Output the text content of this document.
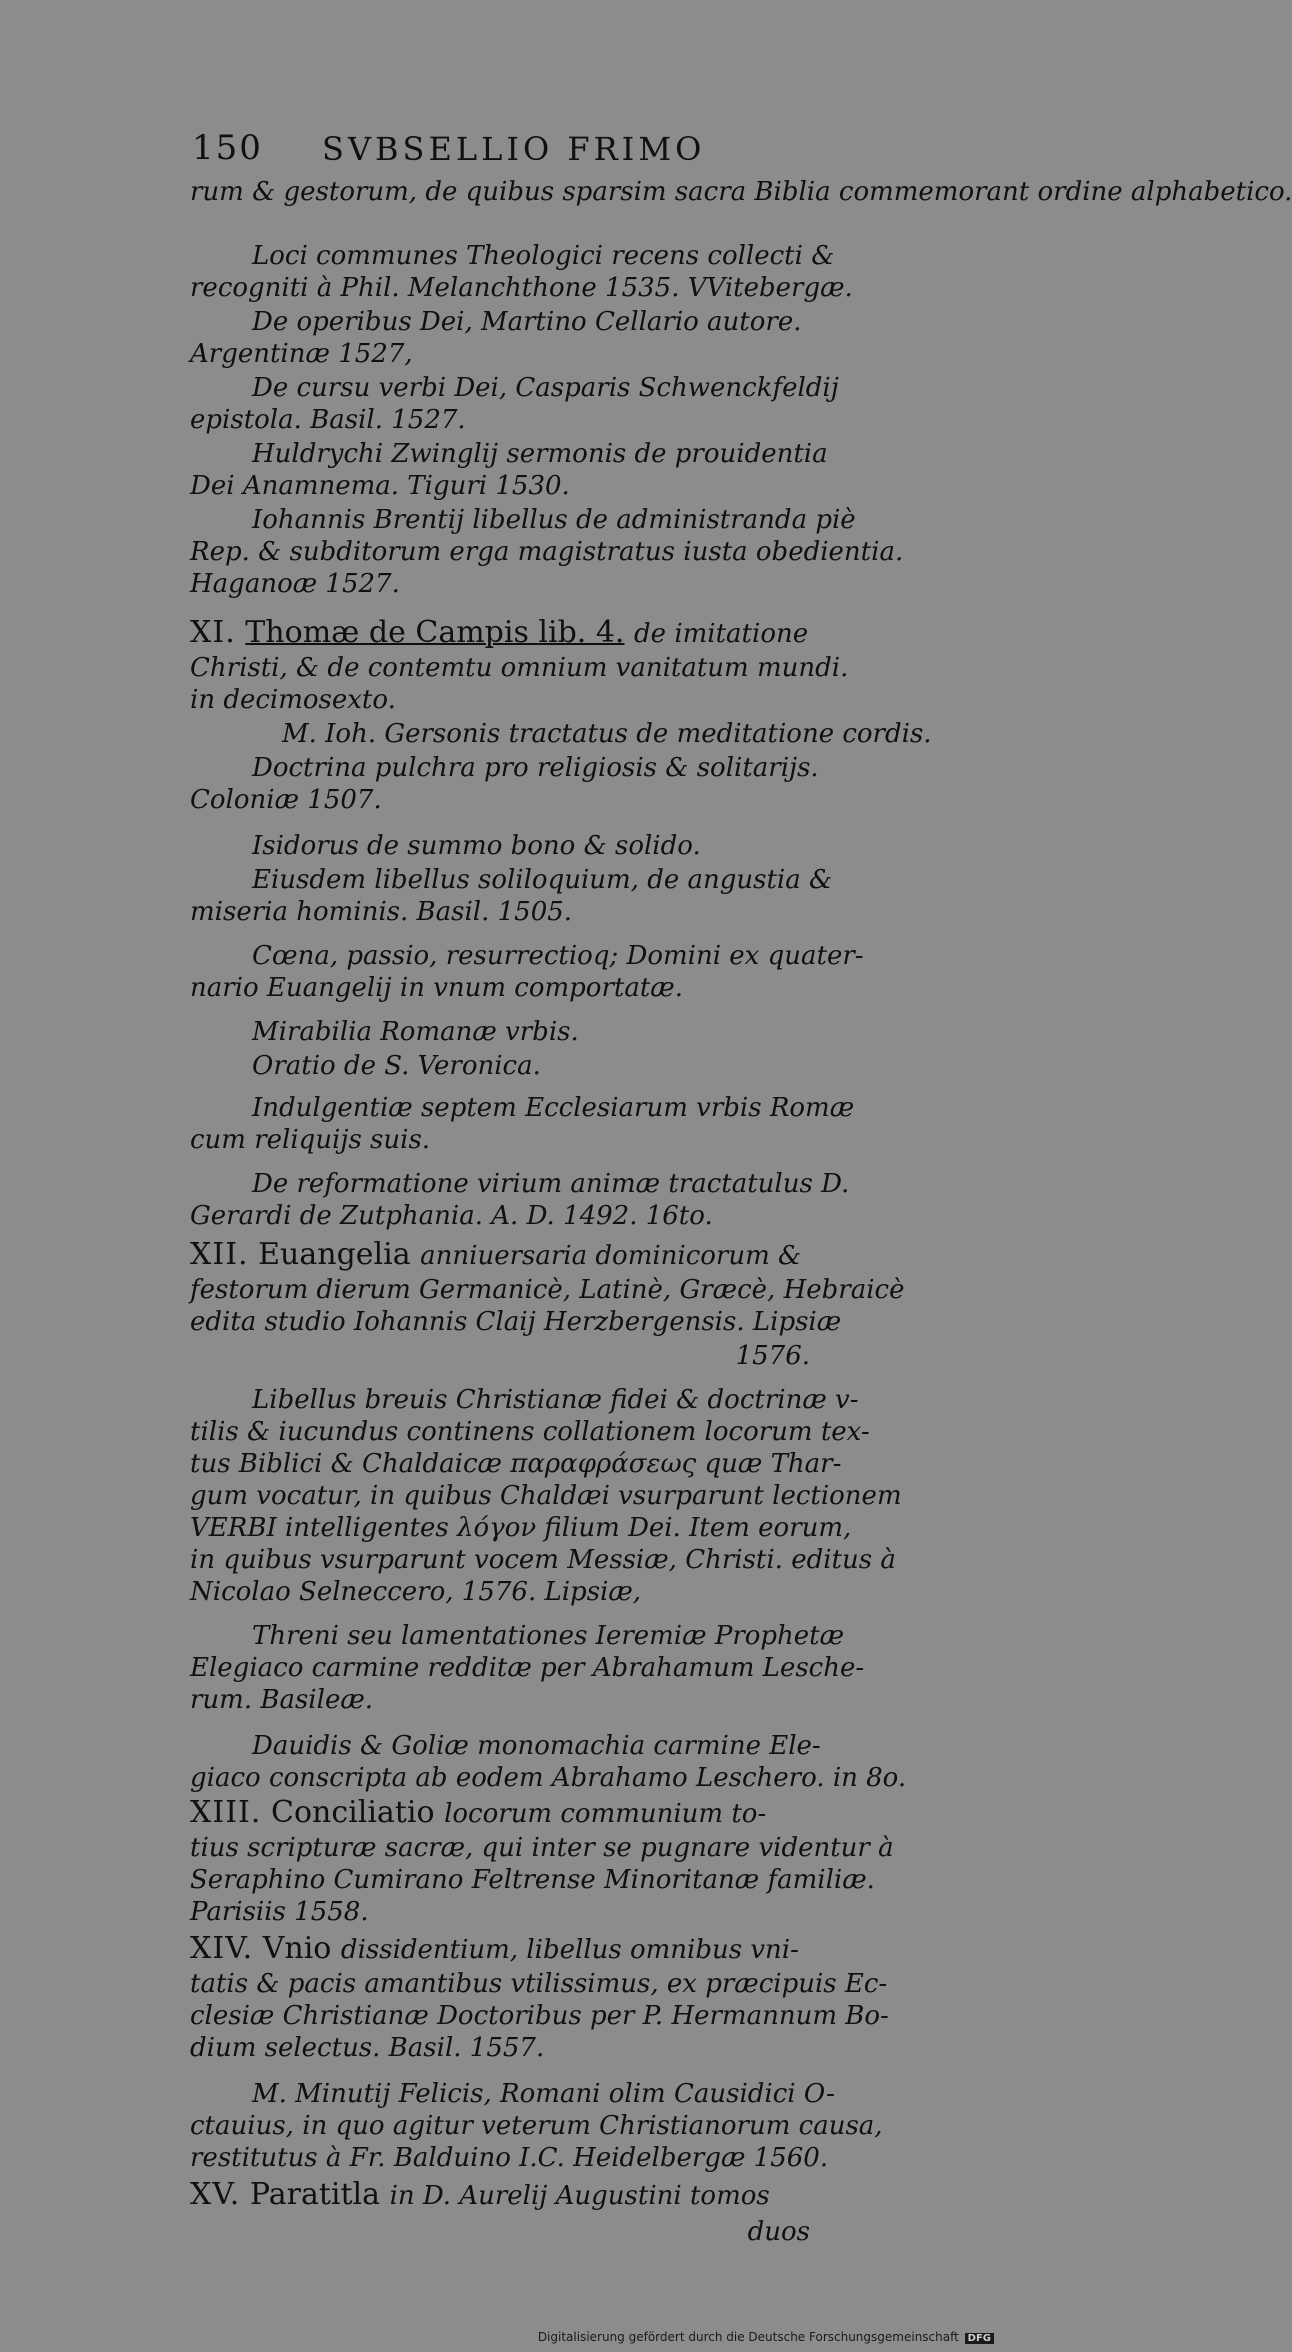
150 SVBSELLIO FRIMO
rum & gestorum, de quibus sparsim sacra Biblia commemorant ordine alphabetico.
Loci communes Theologici recens collecti &
recogniti à Phil. Melanchthone 1535. VVitebergæ.
De operibus Dei, Martino Cellario autore.
Argentinæ 1527,
De cursu verbi Dei, Casparis Schwenckfeldij
epistola. Basil. 1527.
Huldrychi Zwinglij sermonis de prouidentia
Dei Anamnema. Tiguri 1530.
Iohannis Brentij libellus de administranda piè
Rep. & subditorum erga magistratus iusta obedientia.
Haganoæ 1527.
XI. Thomæ de Campis lib. 4. de imitatione
Christi, & de contemtu omnium vanitatum mundi.
in decimosexto.
M. Ioh. Gersonis tractatus de meditatione cordis.
Doctrina pulchra pro religiosis & solitarijs.
Coloniæ 1507.
Isidorus de summo bono & solido.
Eiusdem libellus soliloquium, de angustia &
miseria hominis. Basil. 1505.
Cœna, passio, resurrectioq; Domini ex quater-
nario Euangelij in vnum comportatæ.
Mirabilia Romanæ vrbis.
Oratio de S. Veronica.
Indulgentiæ septem Ecclesiarum vrbis Romæ
cum reliquijs suis.
De reformatione virium animæ tractatulus D.
Gerardi de Zutphania. A. D. 1492. 16to.
XII. Euangelia anniuersaria dominicorum &
festorum dierum Germanicè, Latinè, Græcè, Hebraicè
edita studio Iohannis Claij Herzbergensis. Lipsiæ
1576.
Libellus breuis Christianæ fidei & doctrinæ v-
tilis & iucundus continens collationem locorum tex-
tus Biblici & Chaldaicæ παραφράσεως quæ Thar-
gum vocatur, in quibus Chaldæi vsurparunt lectionem
VERBI intelligentes λόγον filium Dei. Item eorum,
in quibus vsurparunt vocem Messiæ, Christi. editus à
Nicolao Selneccero, 1576. Lipsiæ,
Threni seu lamentationes Ieremiæ Prophetæ
Elegiaco carmine redditæ per Abrahamum Lesche-
rum. Basileæ.
Dauidis & Goliæ monomachia carmine Ele-
giaco conscripta ab eodem Abrahamo Leschero. in 8o.
XIII. Conciliatio locorum communium to-
tius scripturæ sacræ, qui inter se pugnare videntur à
Seraphino Cumirano Feltrense Minoritanæ familiæ.
Parisiis 1558.
XIV. Vnio dissidentium, libellus omnibus vni-
tatis & pacis amantibus vtilissimus, ex præcipuis Ec-
clesiæ Christianæ Doctoribus per P. Hermannum Bo-
dium selectus. Basil. 1557.
M. Minutij Felicis, Romani olim Causidici O-
ctauius, in quo agitur veterum Christianorum causa,
restitutus à Fr. Balduino I.C. Heidelbergæ 1560.
XV. Paratitla in D. Aurelij Augustini tomos
duos
Digitalisierung gefördert durch die Deutsche Forschungsgemeinschaft DFG
